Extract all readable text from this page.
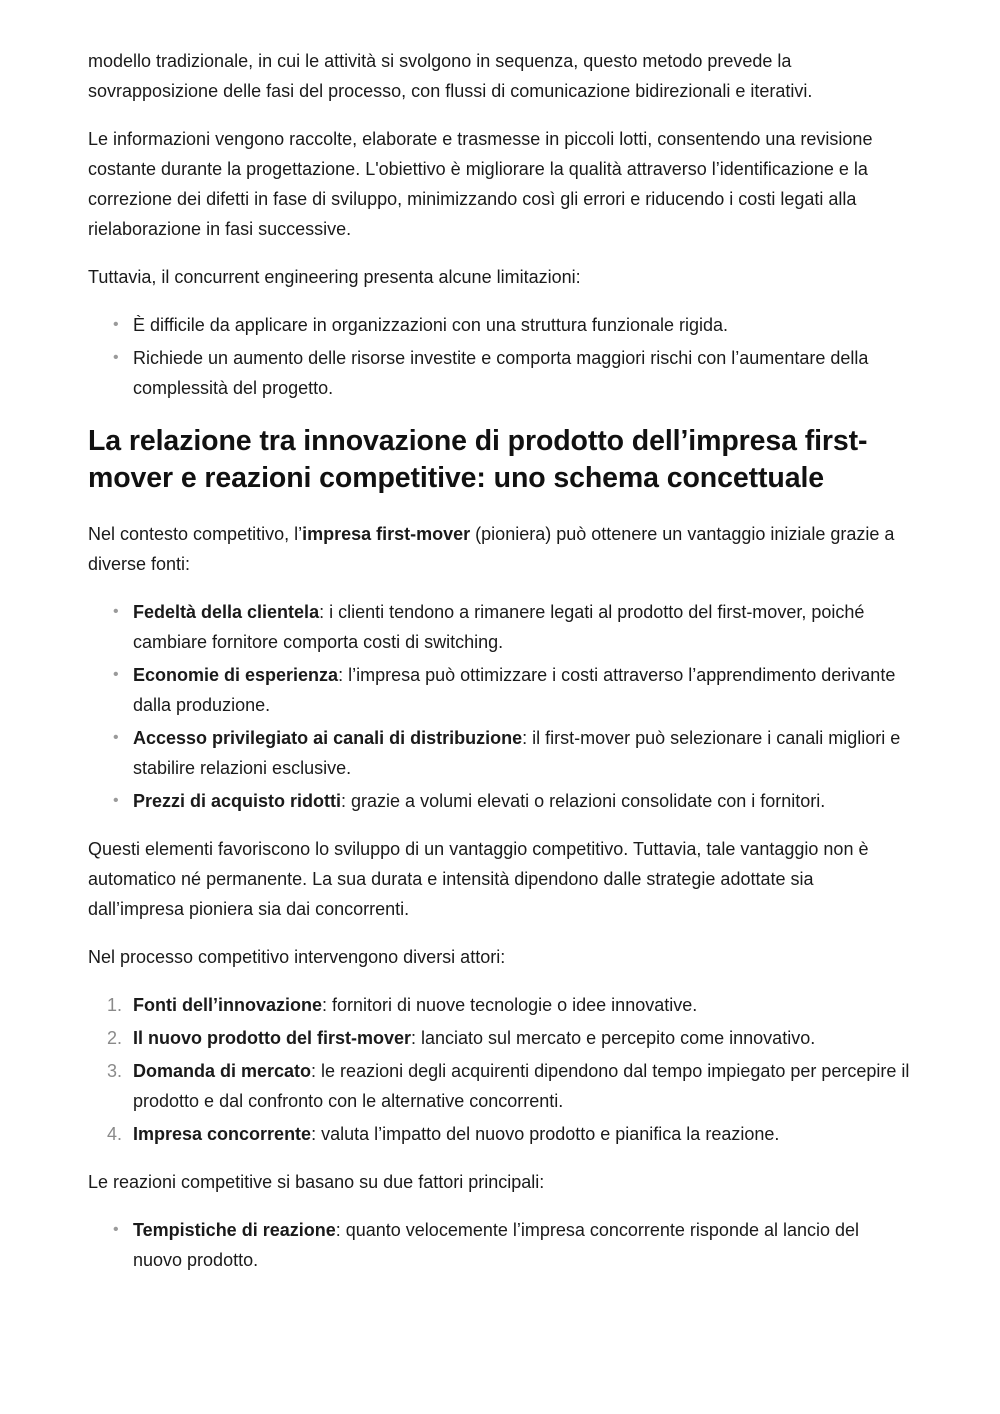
modello tradizionale, in cui le attività si svolgono in sequenza, questo metodo prevede la sovrapposizione delle fasi del processo, con flussi di comunicazione bidirezionali e iterativi.

Le informazioni vengono raccolte, elaborate e trasmesse in piccoli lotti, consentendo una revisione costante durante la progettazione. L'obiettivo è migliorare la qualità attraverso l’identificazione e la correzione dei difetti in fase di sviluppo, minimizzando così gli errori e riducendo i costi legati alla rielaborazione in fasi successive.

Tuttavia, il concurrent engineering presenta alcune limitazioni:

• È difficile da applicare in organizzazioni con una struttura funzionale rigida.
• Richiede un aumento delle risorse investite e comporta maggiori rischi con l’aumentare della complessità del progetto.
La relazione tra innovazione di prodotto dell’impresa first-mover e reazioni competitive: uno schema concettuale

Nel contesto competitivo, l’impresa first-mover (pioniera) può ottenere un vantaggio iniziale grazie a diverse fonti:

• Fedeltà della clientela: i clienti tendono a rimanere legati al prodotto del first-mover, poiché cambiare fornitore comporta costi di switching.
• Economie di esperienza: l’impresa può ottimizzare i costi attraverso l’apprendimento derivante dalla produzione.
• Accesso privilegiato ai canali di distribuzione: il first-mover può selezionare i canali migliori e stabilire relazioni esclusive.
• Prezzi di acquisto ridotti: grazie a volumi elevati o relazioni consolidate con i fornitori.

Questi elementi favoriscono lo sviluppo di un vantaggio competitivo. Tuttavia, tale vantaggio non è automatico né permanente. La sua durata e intensità dipendono dalle strategie adottate sia dall’impresa pioniera sia dai concorrenti.

Nel processo competitivo intervengono diversi attori:

1. Fonti dell’innovazione: fornitori di nuove tecnologie o idee innovative.
2. Il nuovo prodotto del first-mover: lanciato sul mercato e percepito come innovativo.
3. Domanda di mercato: le reazioni degli acquirenti dipendono dal tempo impiegato per percepire il prodotto e dal confronto con le alternative concorrenti.
4. Impresa concorrente: valuta l’impatto del nuovo prodotto e pianifica la reazione.

Le reazioni competitive si basano su due fattori principali:

• Tempistiche di reazione: quanto velocemente l’impresa concorrente risponde al lancio del nuovo prodotto.
